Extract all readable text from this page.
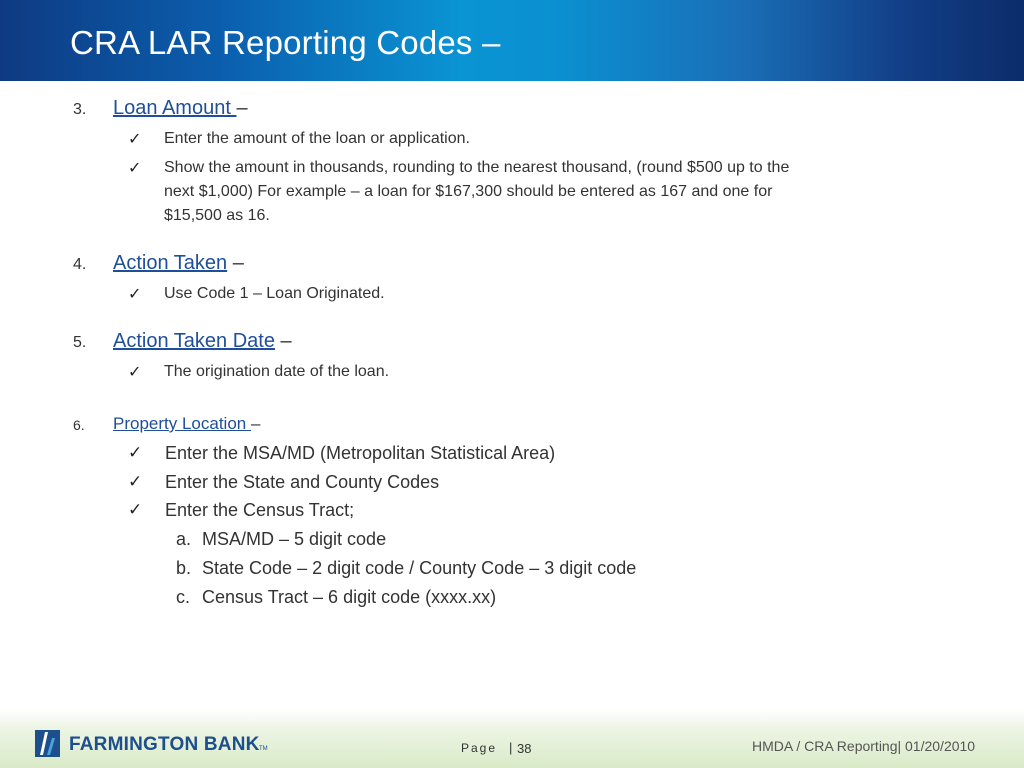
CRA LAR Reporting Codes –
3. Loan Amount –
✓ Enter the amount of the loan or application.
✓ Show the amount in thousands, rounding to the nearest thousand, (round $500 up to the
next $1,000) For example – a loan for $167,300 should be entered as 167 and one for
$15,500 as 16.
4. Action Taken –
✓ Use Code 1 – Loan Originated.
5. Action Taken Date –
✓ The origination date of the loan.
6. Property Location –
✓ Enter the MSA/MD (Metropolitan Statistical Area)
✓ Enter the State and County Codes
✓ Enter the Census Tract;
a. MSA/MD – 5 digit code
b. State Code – 2 digit code / County Code – 3 digit code
c. Census Tract – 6 digit code (xxxx.xx)
FARMINGTON BANK TM	Page | 38	HMDA / CRA Reporting| 01/20/2010
